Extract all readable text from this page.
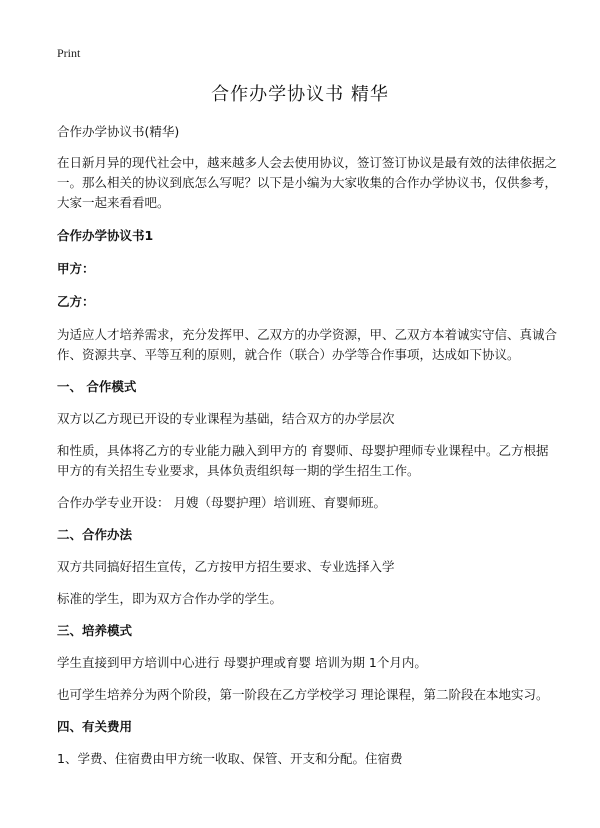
Print
合作办学协议书 精华

合作办学协议书(精华)

在日新月异的现代社会中，越来越多人会去使用协议，签订签订协议是最有效的法律依据之一。那么相关的协议到底怎么写呢？以下是小编为大家收集的合作办学协议书，仅供参考，大家一起来看看吧。

合作办学协议书1

甲方：

乙方：

为适应人才培养需求，充分发挥甲、乙双方的办学资源，甲、乙双方本着诚实守信、真诚合作、资源共享、平等互利的原则，就合作（联合）办学等合作事项，达成如下协议。

一、 合作模式

双方以乙方现已开设的专业课程为基础，结合双方的办学层次

和性质，具体将乙方的专业能力融入到甲方的 育婴师、母婴护理师专业课程中。乙方根据甲方的有关招生专业要求，具体负责组织每一期的学生招生工作。

合作办学专业开设： 月嫂（母婴护理）培训班、育婴师班。

二、合作办法

双方共同搞好招生宣传，乙方按甲方招生要求、专业选择入学

标准的学生，即为双方合作办学的学生。

三、培养模式

学生直接到甲方培训中心进行 母婴护理或育婴 培训为期 1个月内。

也可学生培养分为两个阶段，第一阶段在乙方学校学习 理论课程，第二阶段在本地实习。

四、有关费用

1、学费、住宿费由甲方统一收取、保管、开支和分配。住宿费
